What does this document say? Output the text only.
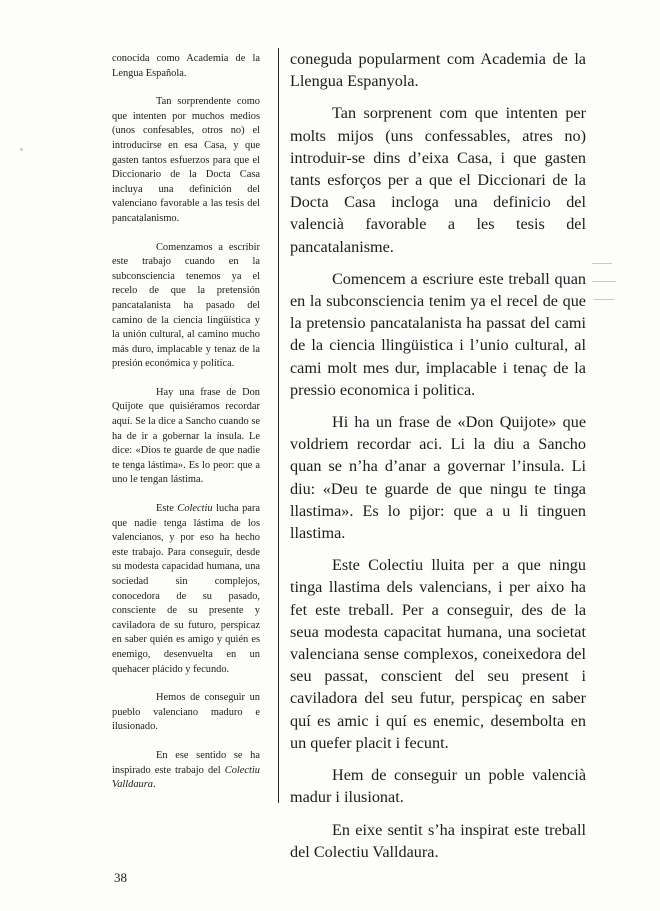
conocida como Academia de la Lengua Española.

Tan sorprendente como que intenten por muchos medios (unos confesables, otros no) el introducirse en esa Casa, y que gasten tantos esfuerzos para que el Diccionario de la Docta Casa incluya una definición del valenciano favorable a las tesis del pancatalanismo.

Comenzamos a escribir este trabajo cuando en la subconsciencia tenemos ya el recelo de que la pretensión pancatalanista ha pasado del camino de la ciencia lingüística y la unión cultural, al camino mucho más duro, implacable y tenaz de la presión económica y política.

Hay una frase de Don Quijote que quisiéramos recordar aquí. Se la dice a Sancho cuando se ha de ir a gobernar la ínsula. Le dice: «Dios te guarde de que nadie te tenga lástima». Es lo peor: que a uno le tengan lástima.

Este Colectiu lucha para que nadie tenga lástima de los valencianos, y por eso ha hecho este trabajo. Para conseguir, desde su modesta capacidad humana, una sociedad sin complejos, conocedora de su pasado, consciente de su presente y caviladora de su futuro, perspicaz en saber quién es amigo y quién es enemigo, desenvuelta en un quehacer plácido y fecundo.

Hemos de conseguir un pueblo valenciano maduro e ilusionado.

En ese sentido se ha inspirado este trabajo del Colectiu Valldaura.

coneguda popularment com Academia de la Llengua Espanyola.

Tan sorprenent com que intenten per molts mijos (uns confessables, atres no) introduir-se dins d’eixa Casa, i que gasten tants esforços per a que el Diccionari de la Docta Casa incloga una definicio del valencià favorable a les tesis del pancatalanisme.

Comencem a escriure este treball quan en la subconsciencia tenim ya el recel de que la pretensio pancatalanista ha passat del cami de la ciencia llingüistica i l’unio cultural, al cami molt mes dur, implacable i tenaç de la pressio economica i politica.

Hi ha un frase de «Don Quijote» que voldriem recordar aci. Li la diu a Sancho quan se n’ha d’anar a governar l’insula. Li diu: «Deu te guarde de que ningu te tinga llastima». Es lo pijor: que a u li tinguen llastima.

Este Colectiu lluita per a que ningu tinga llastima dels valencians, i per aixo ha fet este treball. Per a conseguir, des de la seua modesta capacitat humana, una societat valenciana sense complexos, coneixedora del seu passat, conscient del seu present i caviladora del seu futur, perspicaç en saber quí es amic i quí es enemic, desembolta en un quefer placit i fecunt.

Hem de conseguir un poble valencià madur i ilusionat.

En eixe sentit s’ha inspirat este treball del Colectiu Valldaura.

38
